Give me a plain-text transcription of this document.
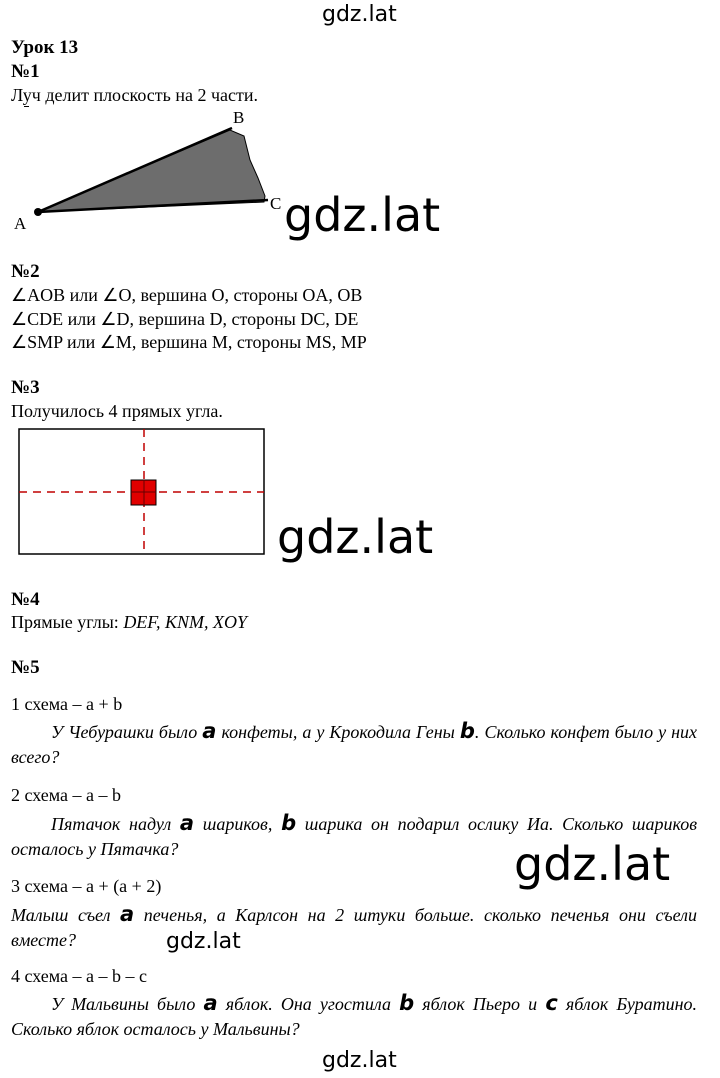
gdz.lat
gdz.lat
gdz.lat
gdz.lat
gdz.lat
gdz.lat
Урок 13
№1
Луч делит плоскость на 2 части.
A
B
C
№2
∠AOB или ∠O, вершина O, стороны OA, OB
∠CDE или ∠D, вершина D, стороны DC, DE
∠SMP или ∠M, вершина M, стороны MS, MP
№3
Получилось 4 прямых угла.
№4
Прямые углы: DEF, KNM, XOY
№5
1 схема – a + b
У Чебурашки было a конфеты, а у Крокодила Гены b. Сколько конфет было у них всего?
2 схема – a – b
Пятачок надул a шариков, b шарика он подарил ослику Иа. Сколько шариков осталось у Пятачка?
3 схема – a + (a + 2)
Малыш съел a печенья, а Карлсон на 2 штуки больше. сколько печенья они съели вместе?
4 схема – a – b – c
У Мальвины было a яблок. Она угостила b яблок Пьеро и c яблок Буратино. Сколько яблок осталось у Мальвины?
